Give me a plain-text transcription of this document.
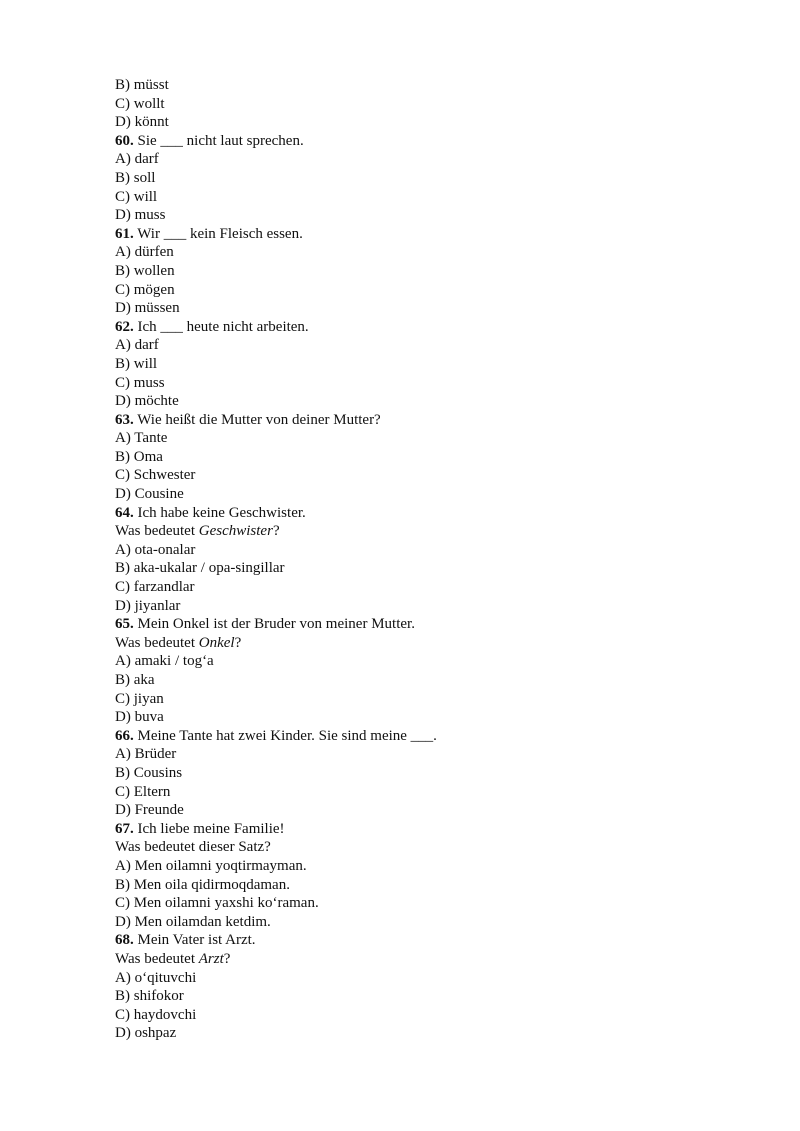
B) müsst
C) wollt
D) könnt
60. Sie ___ nicht laut sprechen.
A) darf
B) soll
C) will
D) muss
61. Wir ___ kein Fleisch essen.
A) dürfen
B) wollen
C) mögen
D) müssen
62. Ich ___ heute nicht arbeiten.
A) darf
B) will
C) muss
D) möchte
63. Wie heißt die Mutter von deiner Mutter?
A) Tante
B) Oma
C) Schwester
D) Cousine
64. Ich habe keine Geschwister.
Was bedeutet Geschwister?
A) ota-onalar
B) aka-ukalar / opa-singillar
C) farzandlar
D) jiyanlar
65. Mein Onkel ist der Bruder von meiner Mutter.
Was bedeutet Onkel?
A) amaki / tog‘a
B) aka
C) jiyan
D) buva
66. Meine Tante hat zwei Kinder. Sie sind meine ___.
A) Brüder
B) Cousins
C) Eltern
D) Freunde
67. Ich liebe meine Familie!
Was bedeutet dieser Satz?
A) Men oilamni yoqtirmayman.
B) Men oila qidirmoqdaman.
C) Men oilamni yaxshi ko‘raman.
D) Men oilamdan ketdim.
68. Mein Vater ist Arzt.
Was bedeutet Arzt?
A) o‘qituvchi
B) shifokor
C) haydovchi
D) oshpaz
